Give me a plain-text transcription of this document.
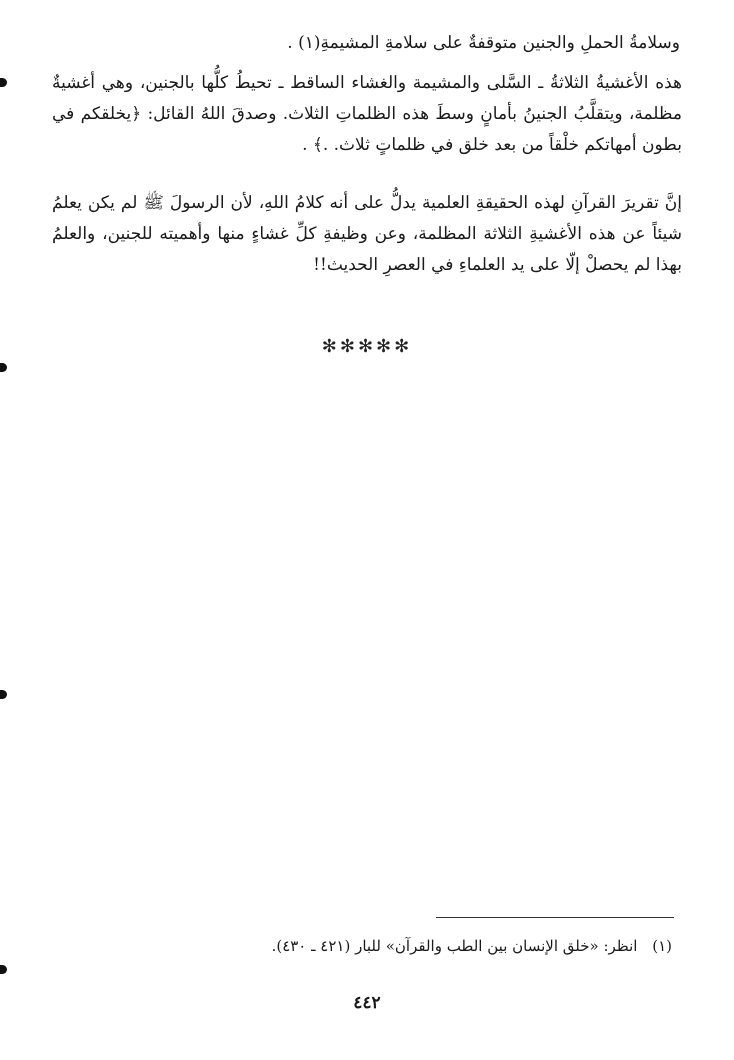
وسلامةُ الحملِ والجنين متوقفةٌ على سلامةِ المشيمةِ(١) .

هذه الأغشيةُ الثلاثةُ ـ السَّلى والمشيمة والغشاء الساقط ـ تحيطُ كلُّها بالجنين، وهي أغشيةٌ مظلمة، ويتقلَّبُ الجنينُ بأمانٍ وسطَ هذه الظلماتِ الثلاث. وصدقَ اللهُ القائل: ﴿يخلقكم في بطون أمهاتكم خلْقاً من بعد خلق في ظلماتٍ ثلاث. .﴾ .

إنَّ تقريرَ القرآنِ لهذه الحقيقةِ العلمية يدلُّ على أنه كلامُ اللهِ، لأن الرسولَ ﷺ لم يكن يعلمُ شيئاً عن هذه الأغشيةِ الثلاثة المظلمة، وعن وظيفةِ كلِّ غشاءٍ منها وأهميته للجنين، والعلمُ بهذا لم يحصلْ إلّا على يد العلماءِ في العصرِ الحديث!!

✻✻✻✻✻
(١) انظر: «خلق الإنسان بين الطب والقرآن» للبار (٤٢١ ـ ٤٣٠).
٤٤٢
